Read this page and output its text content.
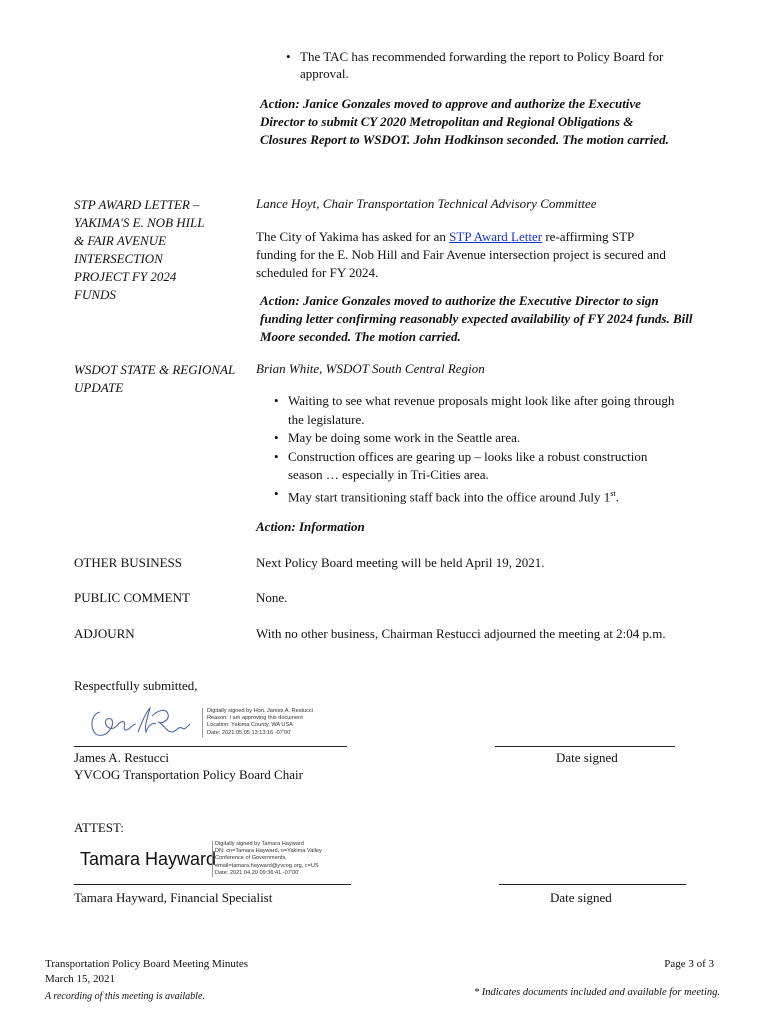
• The TAC has recommended forwarding the report to Policy Board for approval.
Action: Janice Gonzales moved to approve and authorize the Executive Director to submit CY 2020 Metropolitan and Regional Obligations & Closures Report to WSDOT. John Hodkinson seconded. The motion carried.
STP AWARD LETTER –
YAKIMA'S E. NOB HILL
& FAIR AVENUE
INTERSECTION
PROJECT FY 2024
FUNDS
Lance Hoyt, Chair Transportation Technical Advisory Committee
The City of Yakima has asked for an STP Award Letter re-affirming STP funding for the E. Nob Hill and Fair Avenue intersection project is secured and scheduled for FY 2024.
Action: Janice Gonzales moved to authorize the Executive Director to sign funding letter confirming reasonably expected availability of FY 2024 funds. Bill Moore seconded. The motion carried.
WSDOT STATE & REGIONAL
UPDATE
Brian White, WSDOT South Central Region
• Waiting to see what revenue proposals might look like after going through the legislature.
• May be doing some work in the Seattle area.
• Construction offices are gearing up – looks like a robust construction season … especially in Tri-Cities area.
• May start transitioning staff back into the office around July 1st.
Action: Information
OTHER BUSINESS	Next Policy Board meeting will be held April 19, 2021.
PUBLIC COMMENT	None.
ADJOURN	With no other business, Chairman Restucci adjourned the meeting at 2:04 p.m.
Respectfully submitted,
Digitally signed by Hon. James A. Restucci
Reason: I am approving this document
Location: Yakima County, WA USA
Date: 2021.05.05 13:13:16 -07'00'
James A. Restucci
YVCOG Transportation Policy Board Chair
Date signed
ATTEST:
Tamara Hayward
Digitally signed by Tamara Hayward
DN: cn=Tamara Hayward, o=Yakima Valley
Conference of Governments,
email=tamara.hayward@yvcog.org, c=US
Date: 2021.04.20 09:36:41 -07'00'
Tamara Hayward, Financial Specialist	Date signed
Transportation Policy Board Meeting Minutes
March 15, 2021
A recording of this meeting is available.
Page 3 of 3
* Indicates documents included and available for meeting.
